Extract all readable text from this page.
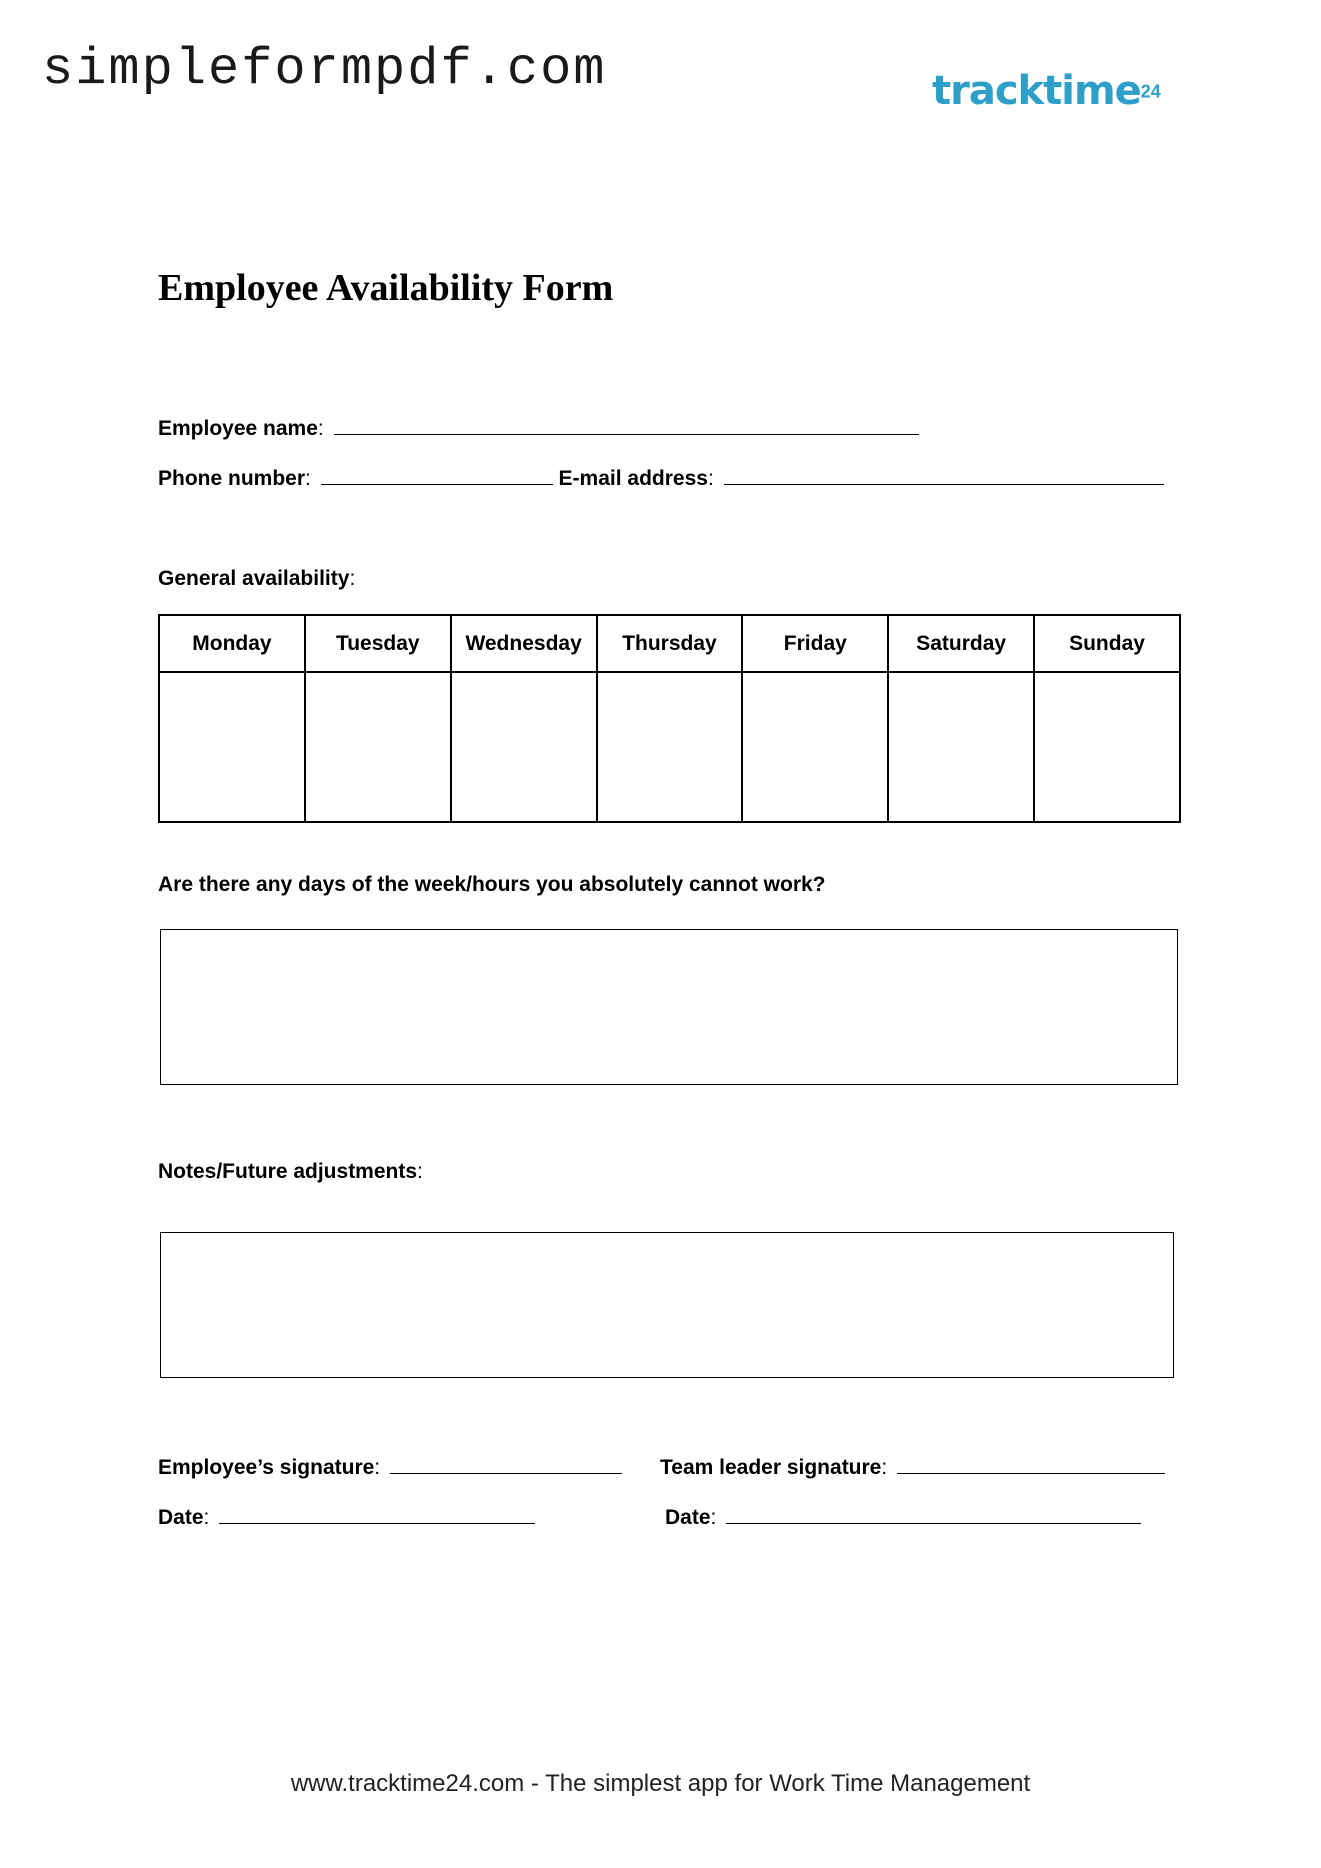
simpleformpdf.com	tracktime24
Employee Availability Form
Employee name:
Phone number:	E-mail address:
General availability:
Monday	Tuesday	Wednesday	Thursday	Friday	Saturday	Sunday

Are there any days of the week/hours you absolutely cannot work?
Notes/Future adjustments:
Employee’s signature:	Team leader signature:
Date:	Date:
www.tracktime24.com - The simplest app for Work Time Management
